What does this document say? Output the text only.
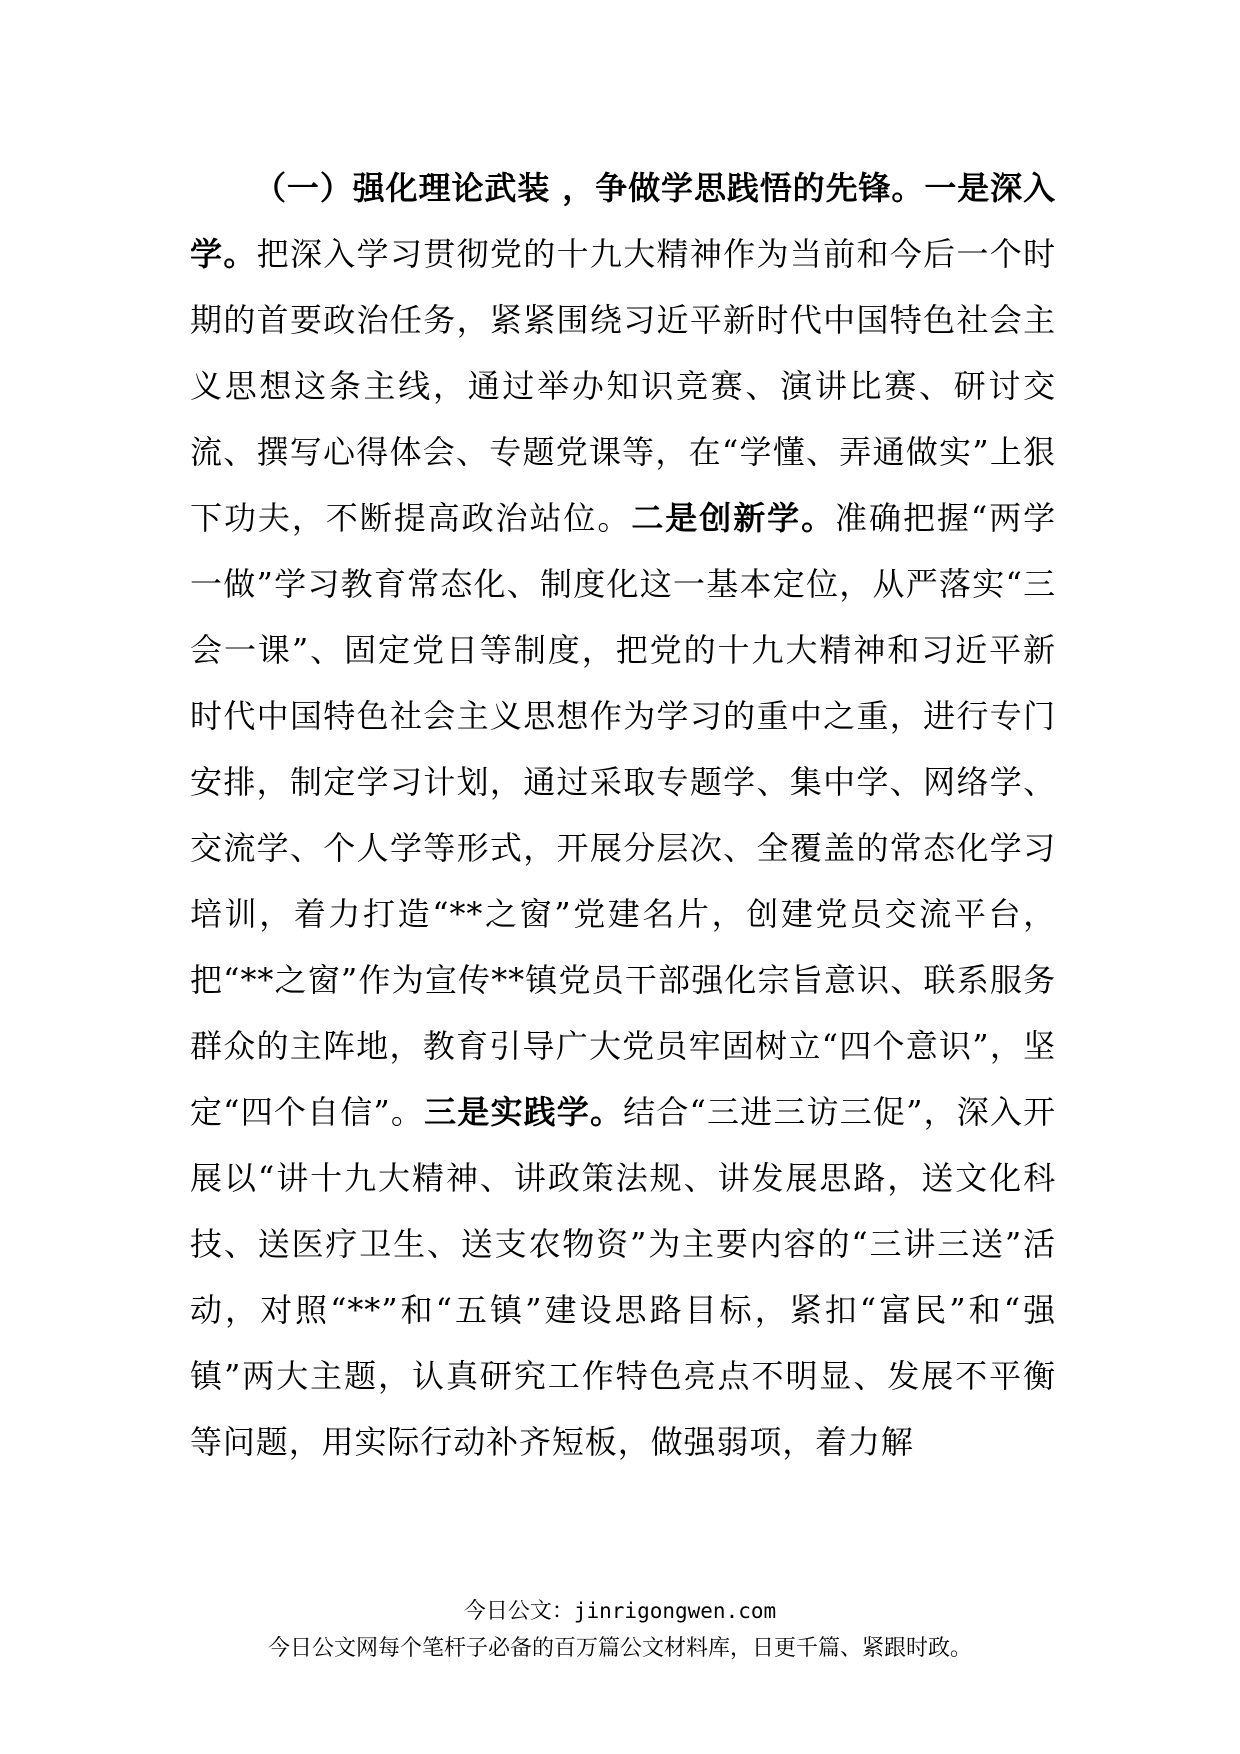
（一）强化理论武装 ，争做学思践悟的先锋。一是深入学。把深入学习贯彻党的十九大精神作为当前和今后一个时期的首要政治任务，紧紧围绕习近平新时代中国特色社会主义思想这条主线，通过举办知识竞赛、演讲比赛、研讨交流、撰写心得体会、专题党课等，在“学懂、弄通做实”上狠下功夫，不断提高政治站位。二是创新学。准确把握“两学一做”学习教育常态化、制度化这一基本定位，从严落实“三会一课”、固定党日等制度，把党的十九大精神和习近平新时代中国特色社会主义思想作为学习的重中之重，进行专门安排，制定学习计划，通过采取专题学、集中学、网络学、交流学、个人学等形式，开展分层次、全覆盖的常态化学习培训，着力打造“**之窗”党建名片，创建党员交流平台，把“**之窗”作为宣传**镇党员干部强化宗旨意识、联系服务群众的主阵地，教育引导广大党员牢固树立“四个意识”，坚定“四个自信”。三是实践学。结合“三进三访三促”，深入开展以“讲十九大精神、讲政策法规、讲发展思路，送文化科技、送医疗卫生、送支农物资”为主要内容的“三讲三送”活动，对照“**”和“五镇”建设思路目标，紧扣“富民”和“强镇”两大主题，认真研究工作特色亮点不明显、发展不平衡等问题，用实际行动补齐短板，做强弱项，着力解

今日公文：jinrigongwen.com
今日公文网每个笔杆子必备的百万篇公文材料库，日更千篇、紧跟时政。
